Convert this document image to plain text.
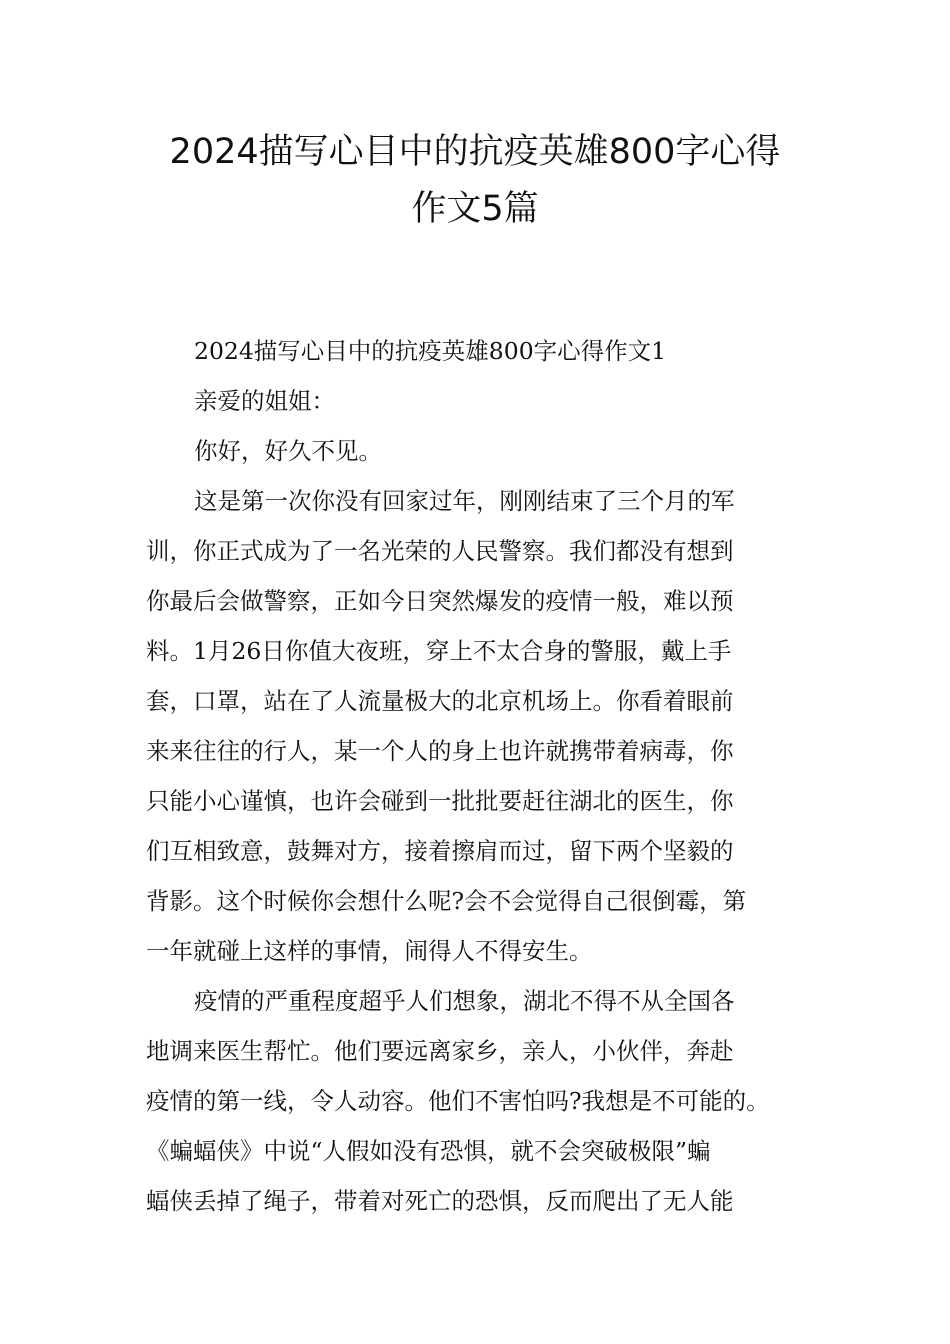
2024描写心目中的抗疫英雄800字心得
作文5篇
2024描写心目中的抗疫英雄800字心得作文1
亲爱的姐姐：
你好，好久不见。
这是第一次你没有回家过年，刚刚结束了三个月的军
训，你正式成为了一名光荣的人民警察。我们都没有想到
你最后会做警察，正如今日突然爆发的疫情一般，难以预
料。1月26日你值大夜班，穿上不太合身的警服，戴上手
套，口罩，站在了人流量极大的北京机场上。你看着眼前
来来往往的行人，某一个人的身上也许就携带着病毒，你
只能小心谨慎，也许会碰到一批批要赶往湖北的医生，你
们互相致意，鼓舞对方，接着擦肩而过，留下两个坚毅的
背影。这个时候你会想什么呢?会不会觉得自己很倒霉，第
一年就碰上这样的事情，闹得人不得安生。
疫情的严重程度超乎人们想象，湖北不得不从全国各
地调来医生帮忙。他们要远离家乡，亲人，小伙伴，奔赴
疫情的第一线，令人动容。他们不害怕吗?我想是不可能的。
《蝙蝠侠》中说“人假如没有恐惧，就不会突破极限”蝙
蝠侠丢掉了绳子，带着对死亡的恐惧，反而爬出了无人能
